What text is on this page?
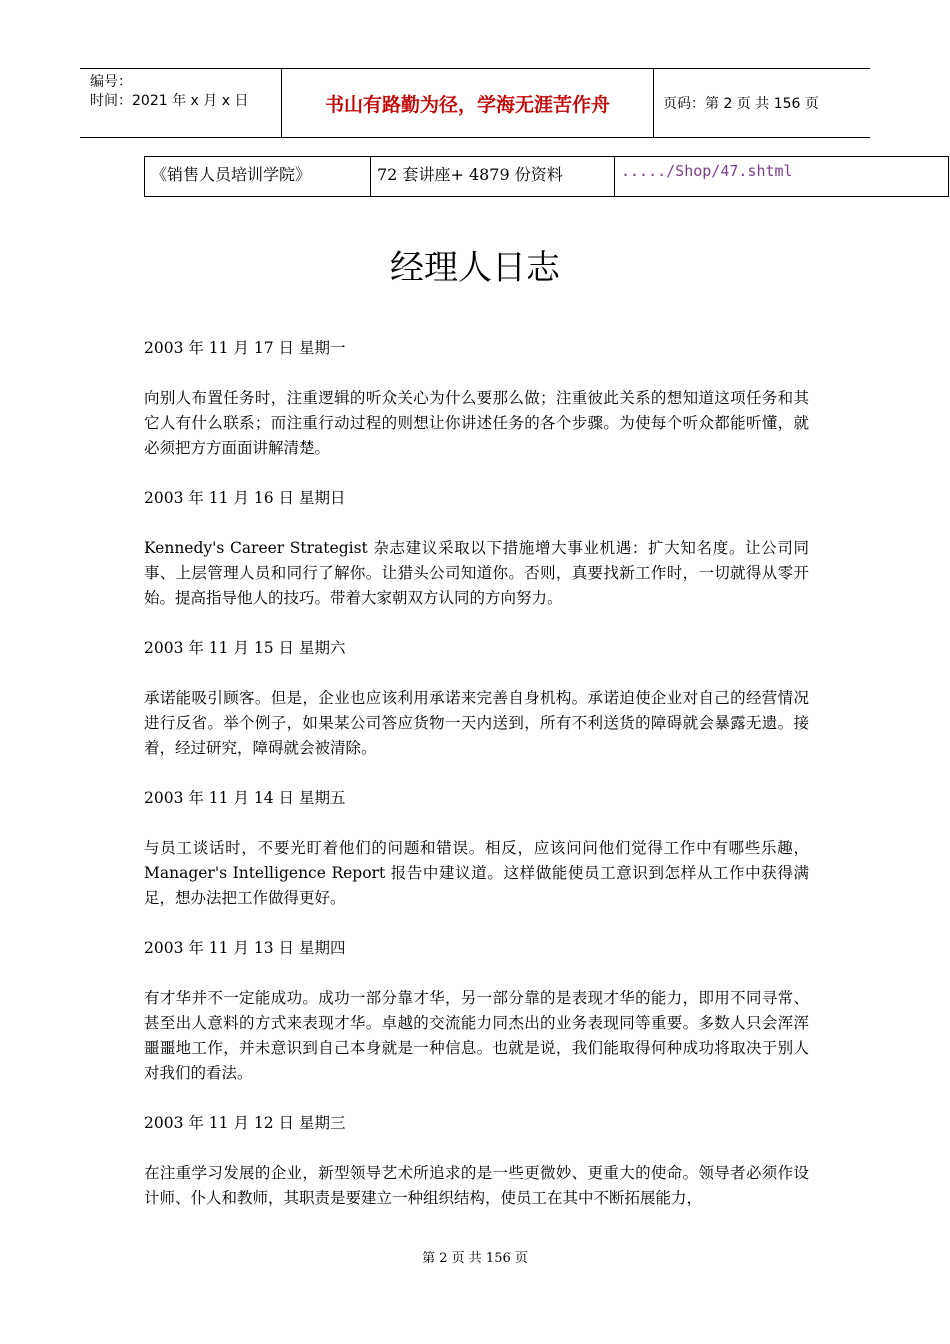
编号：
时间：2021 年 x 月 x 日	书山有路勤为径，学海无涯苦作舟	页码：第 2 页 共 156 页
《销售人员培训学院》	72 套讲座+ 4879 份资料	...../Shop/47.shtml
经理人日志

2003 年 11 月 17 日 星期一

向别人布置任务时，注重逻辑的听众关心为什么要那么做；注重彼此关系的想知道这项任务和其它人有什么联系；而注重行动过程的则想让你讲述任务的各个步骤。为使每个听众都能听懂，就必须把方方面面讲解清楚。

2003 年 11 月 16 日 星期日

Kennedy's Career Strategist 杂志建议采取以下措施增大事业机遇：扩大知名度。让公司同事、上层管理人员和同行了解你。让猎头公司知道你。否则，真要找新工作时，一切就得从零开始。提高指导他人的技巧。带着大家朝双方认同的方向努力。

2003 年 11 月 15 日 星期六

承诺能吸引顾客。但是，企业也应该利用承诺来完善自身机构。承诺迫使企业对自己的经营情况进行反省。举个例子，如果某公司答应货物一天内送到，所有不利送货的障碍就会暴露无遗。接着，经过研究，障碍就会被清除。

2003 年 11 月 14 日 星期五

与员工谈话时，不要光盯着他们的问题和错误。相反，应该问问他们觉得工作中有哪些乐趣，Manager's Intelligence Report 报告中建议道。这样做能使员工意识到怎样从工作中获得满足，想办法把工作做得更好。

2003 年 11 月 13 日 星期四

有才华并不一定能成功。成功一部分靠才华，另一部分靠的是表现才华的能力，即用不同寻常、甚至出人意料的方式来表现才华。卓越的交流能力同杰出的业务表现同等重要。多数人只会浑浑噩噩地工作，并未意识到自己本身就是一种信息。也就是说，我们能取得何种成功将取决于别人对我们的看法。

2003 年 11 月 12 日 星期三

在注重学习发展的企业，新型领导艺术所追求的是一些更微妙、更重大的使命。领导者必须作设计师、仆人和教师，其职责是要建立一种组织结构，使员工在其中不断拓展能力，

第 2 页 共 156 页
